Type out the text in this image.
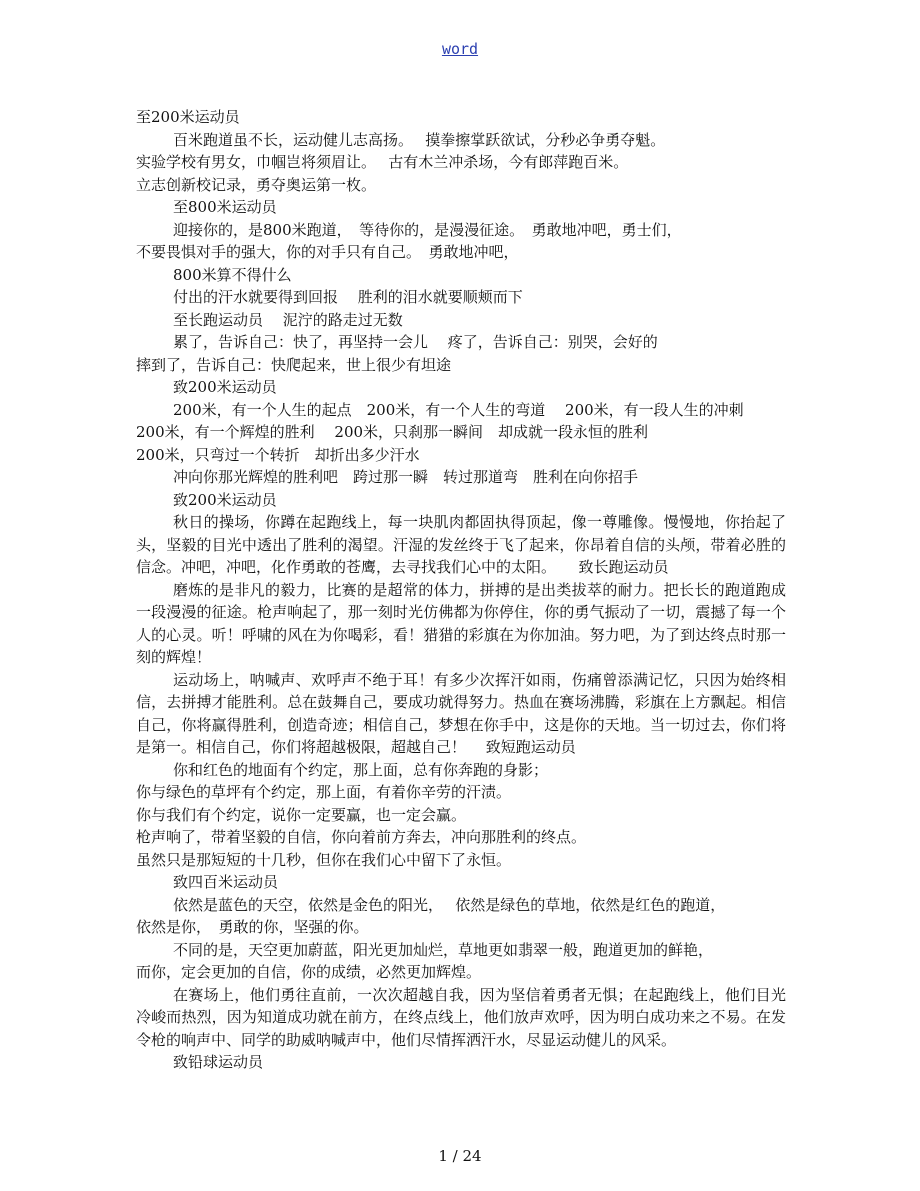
word
至200米运动员
百米跑道虽不长，运动健儿志高扬。　 摸拳擦掌跃欲试，分秒必争勇夺魁。
实验学校有男女，巾帼岂将须眉让。　 古有木兰冲杀场，今有郎萍跑百米。
立志创新校记录，勇夺奥运第一枚。
至800米运动员
迎接你的，是800米跑道，　等待你的，是漫漫征途。　勇敢地冲吧，勇士们，
不要畏惧对手的强大，你的对手只有自己。　勇敢地冲吧，
800米算不得什么
付出的汗水就要得到回报　 胜利的泪水就要顺颊而下
至长跑运动员　 泥泞的路走过无数
累了，告诉自己：快了，再坚持一会儿　 疼了，告诉自己：别哭，会好的
摔到了，告诉自己：快爬起来，世上很少有坦途
致200米运动员
200米，有一个人生的起点　200米，有一个人生的弯道　 200米，有一段人生的冲刺
200米，有一个辉煌的胜利　 200米，只刹那一瞬间　却成就一段永恒的胜利
200米，只弯过一个转折　却折出多少汗水
冲向你那光辉煌的胜利吧　跨过那一瞬　转过那道弯　胜利在向你招手
致200米运动员
秋日的操场，你蹲在起跑线上，每一块肌肉都固执得顶起，像一尊雕像。慢慢地，你抬起了头，坚毅的目光中透出了胜利的渴望。汗湿的发丝终于飞了起来，你昂着自信的头颅，带着必胜的信念。冲吧，冲吧，化作勇敢的苍鹰，去寻找我们心中的太阳。　　致长跑运动员
磨炼的是非凡的毅力，比赛的是超常的体力，拼搏的是出类拔萃的耐力。把长长的跑道跑成一段漫漫的征途。枪声响起了，那一刻时光仿佛都为你停住，你的勇气振动了一切，震撼了每一个人的心灵。听！呼啸的风在为你喝彩，看！猎猎的彩旗在为你加油。努力吧，为了到达终点时那一刻的辉煌！
运动场上，呐喊声、欢呼声不绝于耳！有多少次挥汗如雨，伤痛曾添满记忆，只因为始终相信，去拼搏才能胜利。总在鼓舞自己，要成功就得努力。热血在赛场沸腾，彩旗在上方飘起。相信自己，你将赢得胜利，创造奇迹；相信自己，梦想在你手中，这是你的天地。当一切过去，你们将是第一。相信自己，你们将超越极限，超越自己！　 致短跑运动员
你和红色的地面有个约定，那上面，总有你奔跑的身影；
你与绿色的草坪有个约定，那上面，有着你辛劳的汗渍。
你与我们有个约定，说你一定要赢，也一定会赢。
枪声响了，带着坚毅的自信，你向着前方奔去，冲向那胜利的终点。
虽然只是那短短的十几秒，但你在我们心中留下了永恒。
致四百米运动员
依然是蓝色的天空，依然是金色的阳光，　 依然是绿色的草地，依然是红色的跑道，
依然是你，　勇敢的你，坚强的你。
不同的是，天空更加蔚蓝，阳光更加灿烂，草地更如翡翠一般，跑道更加的鲜艳，
而你，定会更加的自信，你的成绩，必然更加辉煌。
在赛场上，他们勇往直前，一次次超越自我，因为坚信着勇者无惧；在起跑线上，他们目光冷峻而热烈，因为知道成功就在前方，在终点线上，他们放声欢呼，因为明白成功来之不易。在发令枪的响声中、同学的助威呐喊声中，他们尽情挥洒汗水，尽显运动健儿的风采。
致铅球运动员
1 / 24
